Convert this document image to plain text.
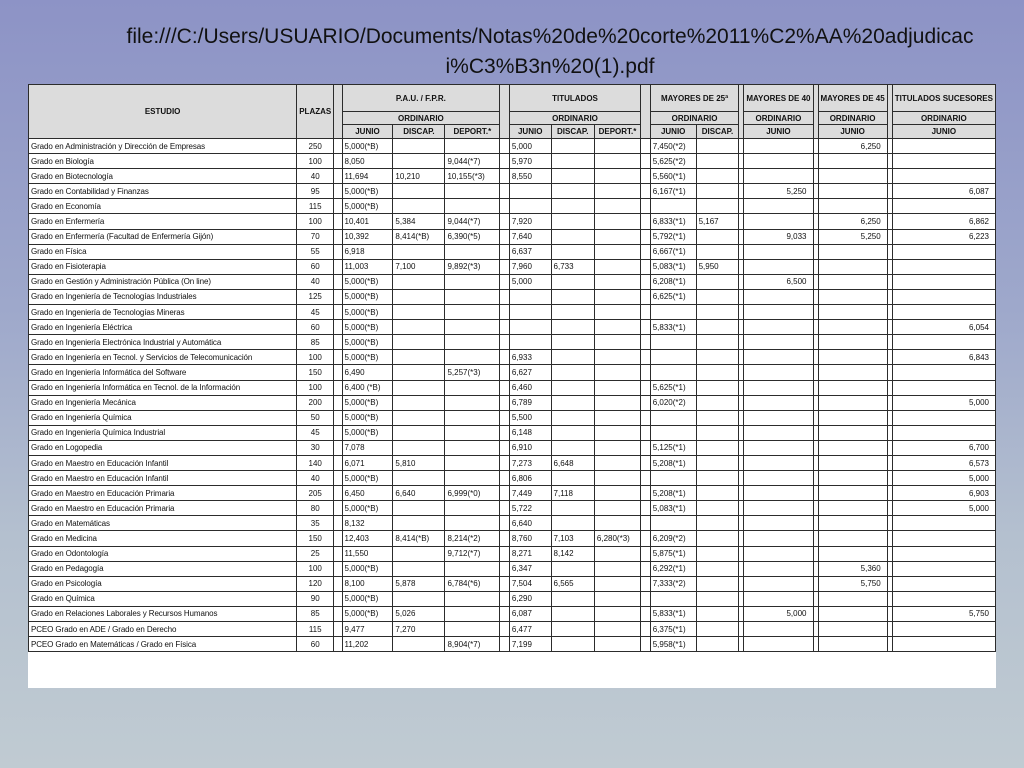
file:///C:/Users/USUARIO/Documents/Notas%20de%20corte%2011%C2%AA%20adjudicaci%C3%B3n%20(1).pdf
ESTUDIO	PLAZAS		P.A.U. / F.P.R.				TITULADOS				MAYORES DE 25ª			MAYORES DE 40		MAYORES DE 45		TITULADOS SUCESORES
			ORDINARIO				ORDINARIO				ORDINARIO			ORDINARIO		ORDINARIO		ORDINARIO
			JUNIO	DISCAP.	DEPORT.*		JUNIO	DISCAP.	DEPORT.*		JUNIO	DISCAP.		JUNIO		JUNIO		JUNIO
Grado en Administración y Dirección de Empresas	250		5,000(*B)				5,000				7,450(*2)					6,250		
Grado en Biología	100		8,050		9,044(*7)		5,970				5,625(*2)							
Grado en Biotecnología	40		11,694	10,210	10,155(*3)		8,550				5,560(*1)							
Grado en Contabilidad y Finanzas	95		5,000(*B)								6,167(*1)			5,250				6,087
Grado en Economía	115		5,000(*B)															
Grado en Enfermería	100		10,401	5,384	9,044(*7)		7,920				6,833(*1)	5,167				6,250		6,862
Grado en Enfermería (Facultad de Enfermería Gijón)	70		10,392	8,414(*B)	6,390(*5)		7,640				5,792(*1)			9,033		5,250		6,223
Grado en Física	55		6,918				6,637				6,667(*1)							
Grado en Fisioterapia	60		11,003	7,100	9,892(*3)		7,960	6,733			5,083(*1)	5,950						
Grado en Gestión y Administración Pública (On line)	40		5,000(*B)				5,000				6,208(*1)			6,500				
Grado en Ingeniería de Tecnologías Industriales	125		5,000(*B)								6,625(*1)							
Grado en Ingeniería de Tecnologías Mineras	45		5,000(*B)															
Grado en Ingeniería Eléctrica	60		5,000(*B)								5,833(*1)							6,054
Grado en Ingeniería Electrónica Industrial y Automática	85		5,000(*B)															
Grado en Ingeniería en Tecnol. y Servicios de Telecomunicación	100		5,000(*B)				6,933											6,843
Grado en Ingeniería Informática del Software	150		6,490		5,257(*3)		6,627											
Grado en Ingeniería Informática en Tecnol. de la Información	100		6,400 (*B)				6,460				5,625(*1)							
Grado en Ingeniería Mecánica	200		5,000(*B)				6,789				6,020(*2)							5,000
Grado en Ingeniería Química	50		5,000(*B)				5,500											
Grado en Ingeniería Química Industrial	45		5,000(*B)				6,148											
Grado en Logopedia	30		7,078				6,910				5,125(*1)							6,700
Grado en Maestro en Educación Infantil	140		6,071	5,810			7,273	6,648			5,208(*1)							6,573
Grado en Maestro en Educación Infantil	40		5,000(*B)				6,806											5,000
Grado en Maestro en Educación Primaria	205		6,450	6,640	6,999(*0)		7,449	7,118			5,208(*1)							6,903
Grado en Maestro en Educación Primaria	80		5,000(*B)				5,722				5,083(*1)							5,000
Grado en Matemáticas	35		8,132				6,640											
Grado en Medicina	150		12,403	8,414(*B)	8,214(*2)		8,760	7,103	6,280(*3)		6,209(*2)							
Grado en Odontología	25		11,550		9,712(*7)		8,271	8,142			5,875(*1)							
Grado en Pedagogía	100		5,000(*B)				6,347				6,292(*1)					5,360		
Grado en Psicología	120		8,100	5,878	6,784(*6)		7,504	6,565			7,333(*2)					5,750		
Grado en Química	90		5,000(*B)				6,290											
Grado en Relaciones Laborales y Recursos Humanos	85		5,000(*B)	5,026			6,087				5,833(*1)			5,000				5,750
PCEO Grado en ADE / Grado en Derecho	115		9,477	7,270			6,477				6,375(*1)							
PCEO Grado en Matemáticas / Grado en Física	60		11,202		8,904(*7)		7,199				5,958(*1)							
